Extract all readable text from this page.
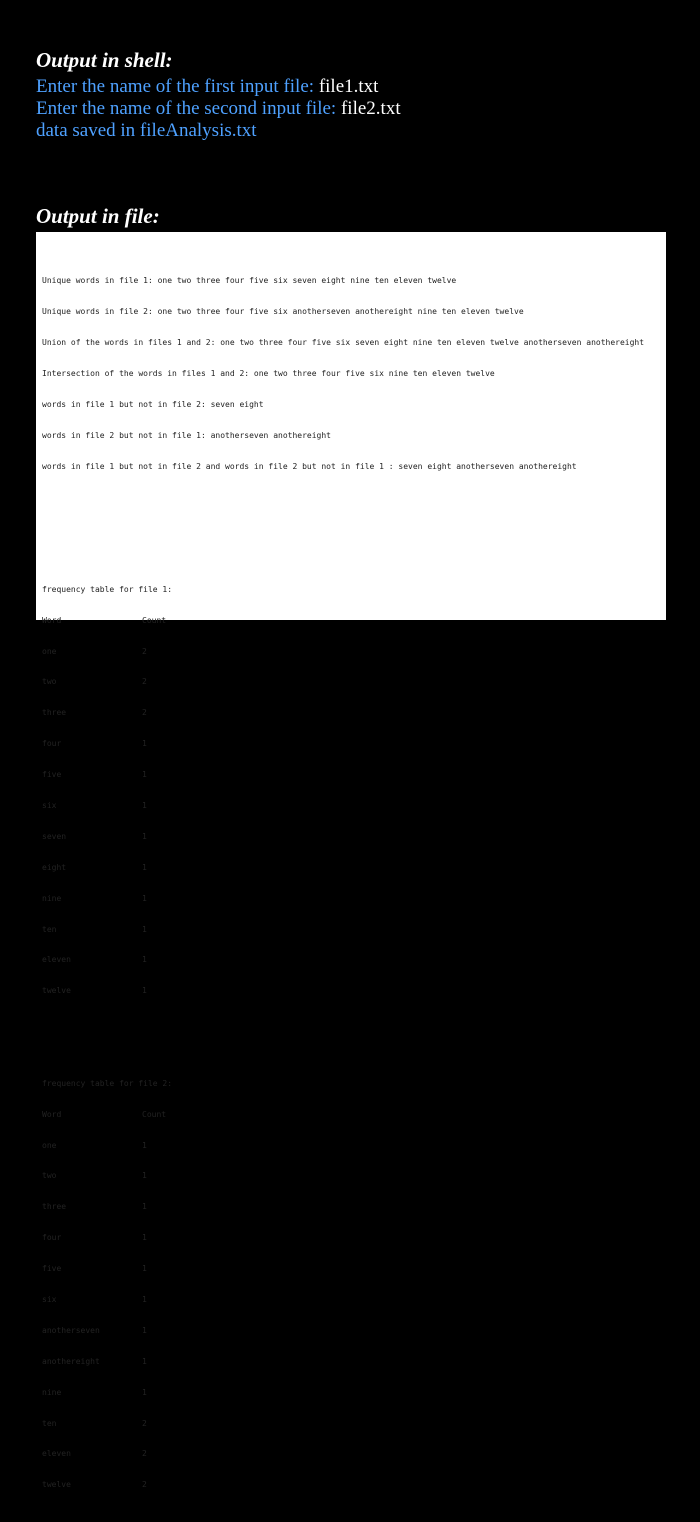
Output in shell:
Enter the name of the first input file: file1.txt
Enter the name of the second input file: file2.txt
data saved in fileAnalysis.txt
Output in file:

Unique words in file 1: one two three four five six seven eight nine ten eleven twelve

Unique words in file 2: one two three four five six anotherseven anothereight nine ten eleven twelve

Union of the words in files 1 and 2: one two three four five six seven eight nine ten eleven twelve anotherseven anothereight

Intersection of the words in files 1 and 2: one two three four five six nine ten eleven twelve

words in file 1 but not in file 2: seven eight

words in file 2 but not in file 1: anotherseven anothereight

words in file 1 but not in file 2 and words in file 2 but not in file 1 : seven eight anotherseven anothereight

frequency table for file 1:

Word	Count

one	2

two	2

three	2

four	1

five	1

six	1

seven	1

eight	1

nine	1

ten	1

eleven	1

twelve	1

frequency table for file 2:

Word	Count

one	1

two	1

three	1

four	1

five	1

six	1

anotherseven	1

anothereight	1

nine	1

ten	2

eleven	2

twelve	2
